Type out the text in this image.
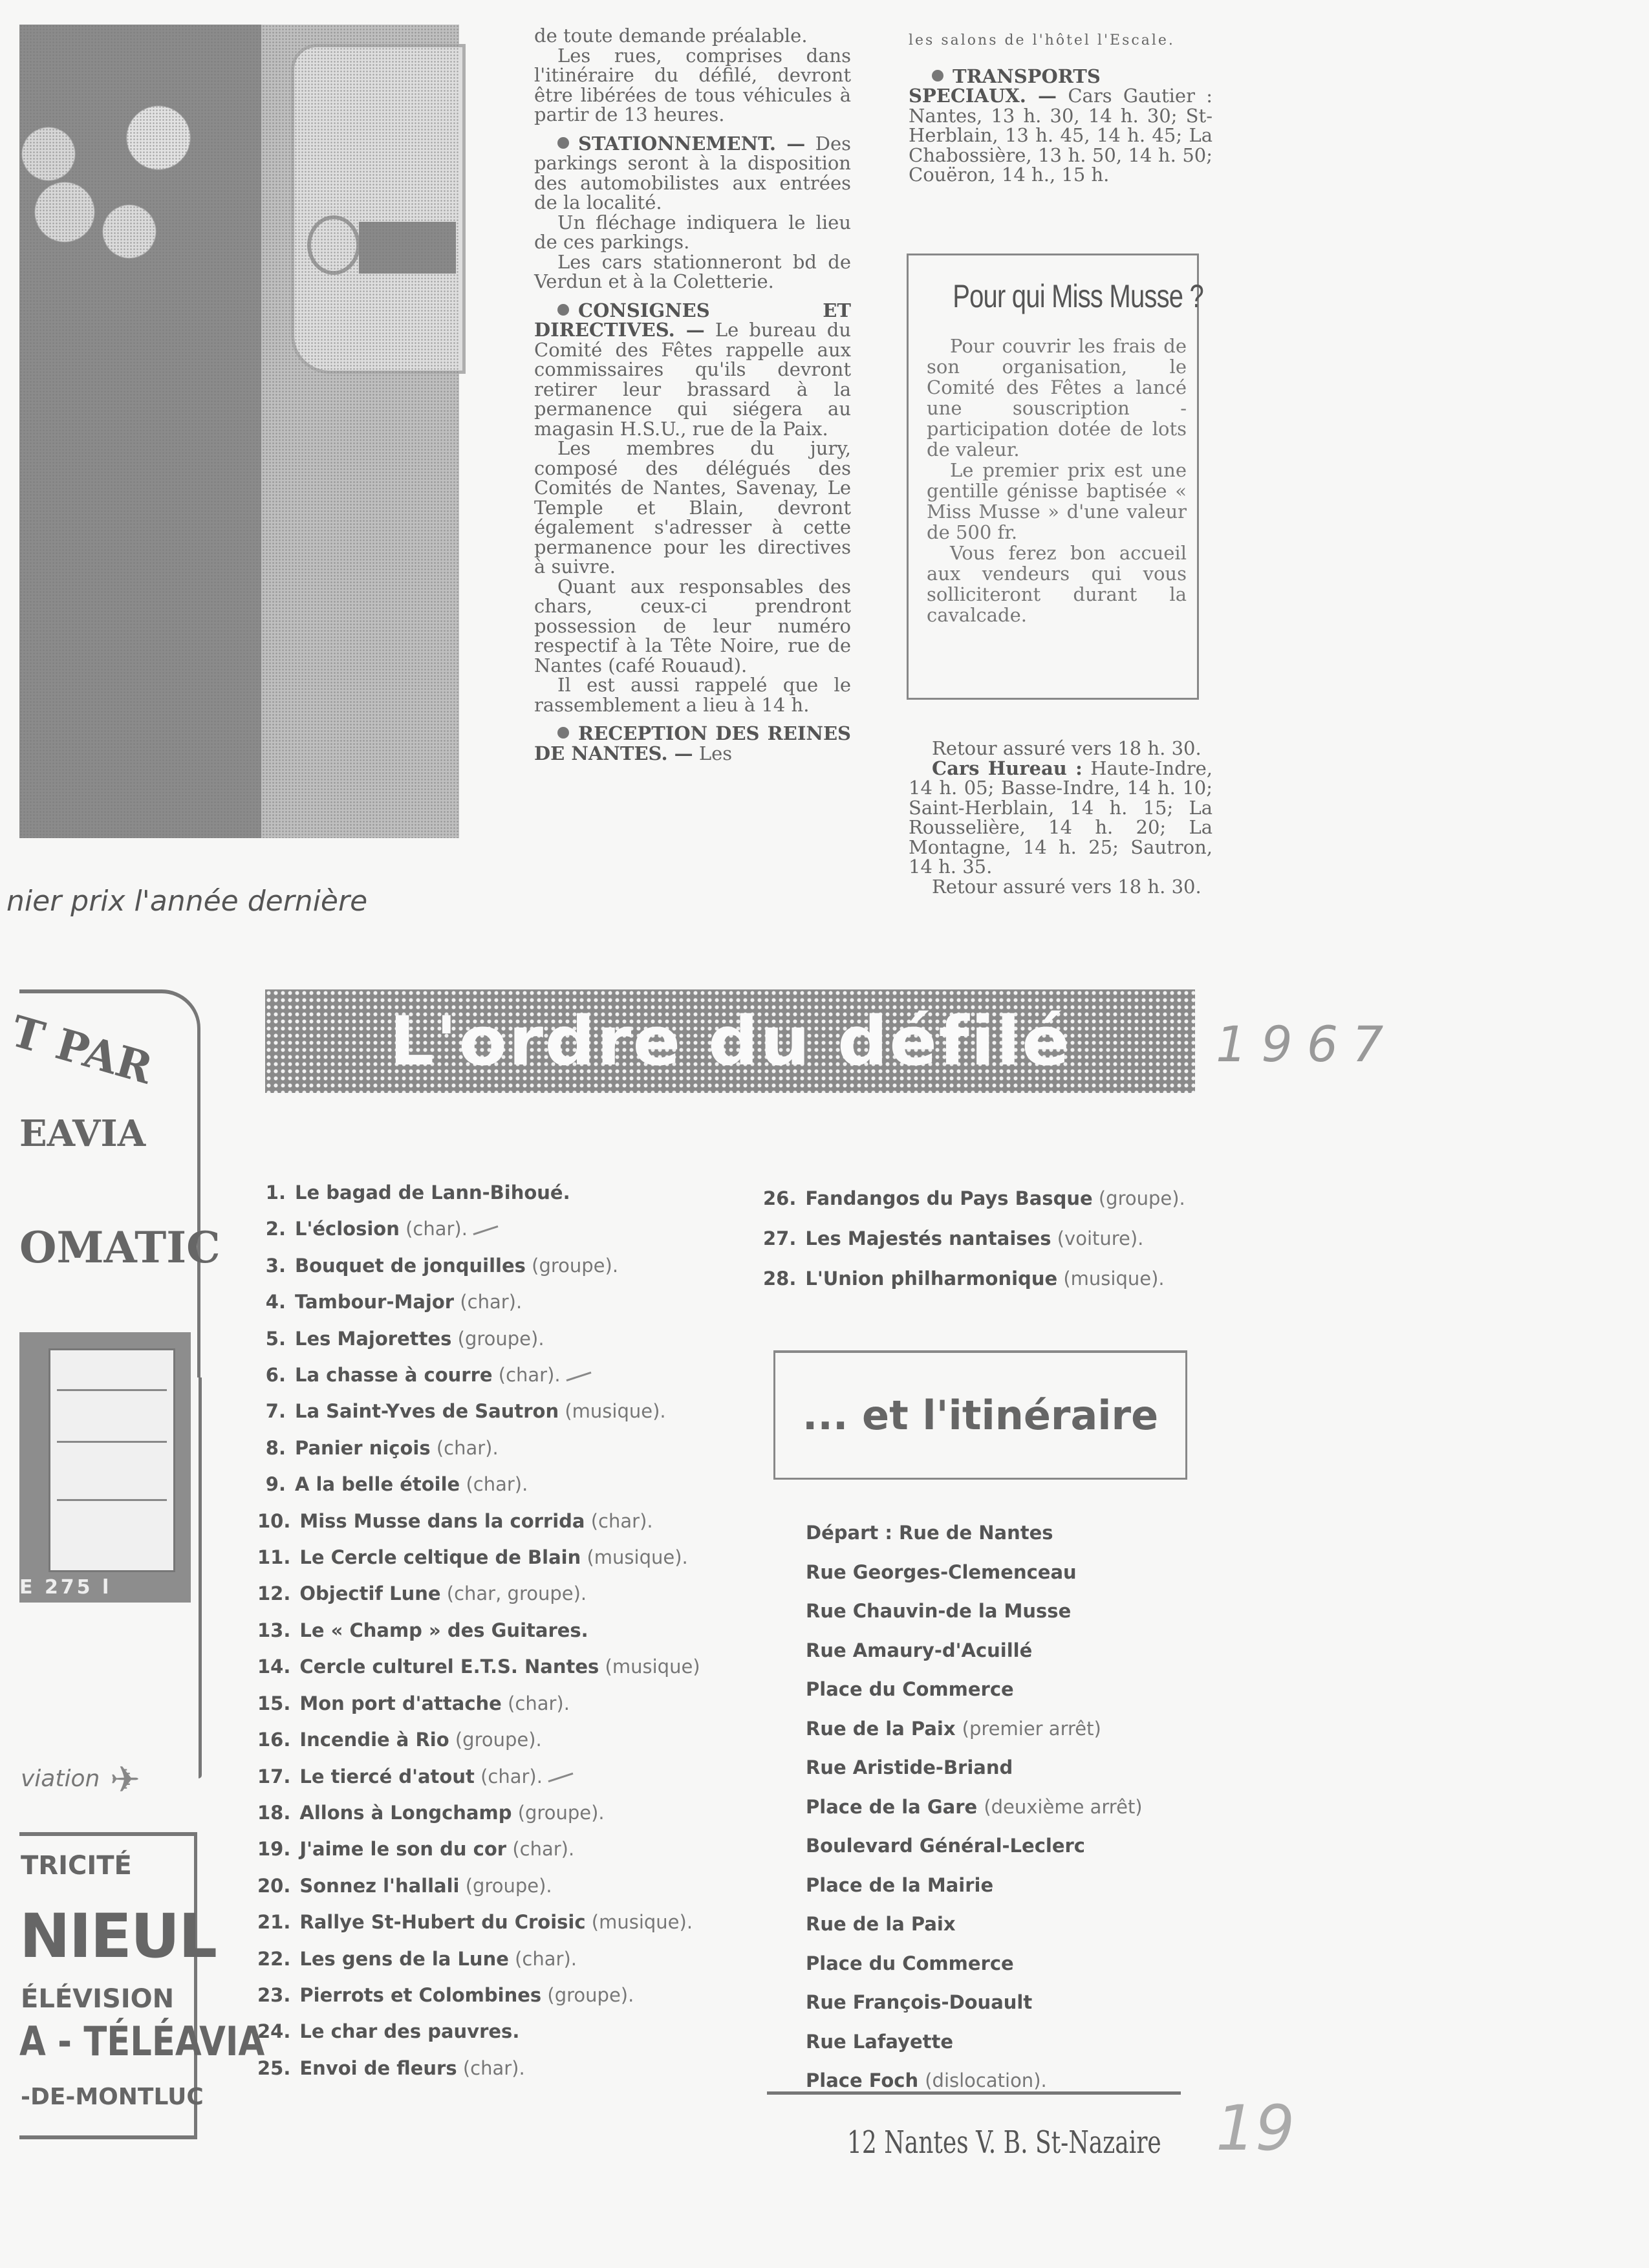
nier prix l'année dernière

de toute demande préalable.

Les rues, comprises dans l'itinéraire du défilé, devront être libérées de tous véhicules à partir de 13 heures.

STATIONNEMENT. — Des parkings seront à la disposition des automobilistes aux entrées de la localité.

Un fléchage indiquera le lieu de ces parkings.

Les cars stationneront bd de Verdun et à la Coletterie.

CONSIGNES ET DIRECTIVES. — Le bureau du Comité des Fêtes rappelle aux commissaires qu'ils devront retirer leur brassard à la permanence qui siégera au magasin H.S.U., rue de la Paix.

Les membres du jury, composé des délégués des Comités de Nantes, Savenay, Le Temple et Blain, devront également s'adresser à cette permanence pour les directives à suivre.

Quant aux responsables des chars, ceux-ci prendront possession de leur numéro respectif à la Tête Noire, rue de Nantes (café Rouaud).

Il est aussi rappelé que le rassemblement a lieu à 14 h.

RECEPTION DES REINES DE NANTES. — Les

les salons de l'hôtel l'Escale.

TRANSPORTS SPECIAUX. — Cars Gautier : Nantes, 13 h. 30, 14 h. 30; St-Herblain, 13 h. 45, 14 h. 45; La Chabossière, 13 h. 50, 14 h. 50; Couëron, 14 h., 15 h.

Pour qui Miss Musse ?

Pour couvrir les frais de son organisation, le Comité des Fêtes a lancé une souscription - participation dotée de lots de valeur.

Le premier prix est une gentille génisse baptisée « Miss Musse » d'une valeur de 500 fr.

Vous ferez bon accueil aux vendeurs qui vous solliciteront durant la cavalcade.

Retour assuré vers 18 h. 30.

Cars Hureau : Haute-Indre, 14 h. 05; Basse-Indre, 14 h. 10; Saint-Herblain, 14 h. 15; La Rousselière, 14 h. 20; La Montagne, 14 h. 25; Sautron, 14 h. 35.

Retour assuré vers 18 h. 30.

L'ordre du défilé	1967
T PAR
EAVIA
OMATIC
E 275 l
viation ✈
TRICITÉ
NIEUL
ÉLÉVISION
A - TÉLÉAVIA
-DE-MONTLUC
1. Le bagad de Lann-Bihoué.
2. L'éclosion (char).
3. Bouquet de jonquilles (groupe).
4. Tambour-Major (char).
5. Les Majorettes (groupe).
6. La chasse à courre (char).
7. La Saint-Yves de Sautron (musique).
8. Panier niçois (char).
9. A la belle étoile (char).
10. Miss Musse dans la corrida (char).
11. Le Cercle celtique de Blain (musique).
12. Objectif Lune (char, groupe).
13. Le « Champ » des Guitares.
14. Cercle culturel E.T.S. Nantes (musique)
15. Mon port d'attache (char).
16. Incendie à Rio (groupe).
17. Le tiercé d'atout (char).
18. Allons à Longchamp (groupe).
19. J'aime le son du cor (char).
20. Sonnez l'hallali (groupe).
21. Rallye St-Hubert du Croisic (musique).
22. Les gens de la Lune (char).
23. Pierrots et Colombines (groupe).
24. Le char des pauvres.
25. Envoi de fleurs (char).
26. Fandangos du Pays Basque (groupe).
27. Les Majestés nantaises (voiture).
28. L'Union philharmonique (musique).
... et l'itinéraire
Départ : Rue de Nantes
Rue Georges-Clemenceau
Rue Chauvin-de la Musse
Rue Amaury-d'Acuillé
Place du Commerce
Rue de la Paix (premier arrêt)
Rue Aristide-Briand
Place de la Gare (deuxième arrêt)
Boulevard Général-Leclerc
Place de la Mairie
Rue de la Paix
Place du Commerce
Rue François-Douault
Rue Lafayette
Place Foch (dislocation).
12 Nantes V. B. St-Nazaire 19
